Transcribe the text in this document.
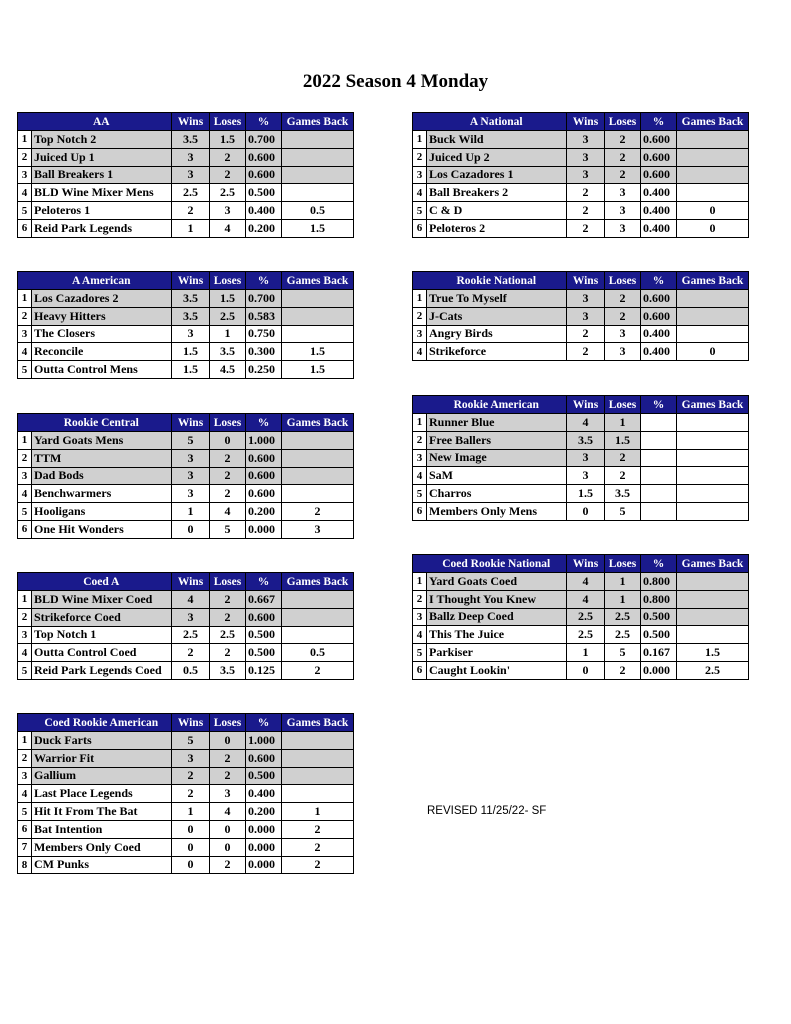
2022 Season 4 Monday
	AA	Wins	Loses	%	Games Back
1	Top Notch 2	3.5	1.5	0.700	
2	Juiced Up 1	3	2	0.600	
3	Ball Breakers 1	3	2	0.600	
4	BLD Wine Mixer Mens	2.5	2.5	0.500	
5	Peloteros 1	2	3	0.400	0.5
6	Reid Park Legends	1	4	0.200	1.5
	A National	Wins	Loses	%	Games Back
1	Buck Wild	3	2	0.600	
2	Juiced Up 2	3	2	0.600	
3	Los Cazadores 1	3	2	0.600	
4	Ball Breakers 2	2	3	0.400	
5	C & D	2	3	0.400	0
6	Peloteros 2	2	3	0.400	0
	A American	Wins	Loses	%	Games Back
1	Los Cazadores 2	3.5	1.5	0.700	
2	Heavy Hitters	3.5	2.5	0.583	
3	The Closers	3	1	0.750	
4	Reconcile	1.5	3.5	0.300	1.5
5	Outta Control Mens	1.5	4.5	0.250	1.5
	Rookie National	Wins	Loses	%	Games Back
1	True To Myself	3	2	0.600	
2	J-Cats	3	2	0.600	
3	Angry Birds	2	3	0.400	
4	Strikeforce	2	3	0.400	0
	Rookie American	Wins	Loses	%	Games Back
1	Runner Blue	4	1		
2	Free Ballers	3.5	1.5		
3	New Image	3	2		
4	SaM	3	2		
5	Charros	1.5	3.5		
6	Members Only Mens	0	5		
	Rookie Central	Wins	Loses	%	Games Back
1	Yard Goats Mens	5	0	1.000	
2	TTM	3	2	0.600	
3	Dad Bods	3	2	0.600	
4	Benchwarmers	3	2	0.600	
5	Hooligans	1	4	0.200	2
6	One Hit Wonders	0	5	0.000	3
	Coed Rookie National	Wins	Loses	%	Games Back
1	Yard Goats Coed	4	1	0.800	
2	I Thought You Knew	4	1	0.800	
3	Ballz Deep Coed	2.5	2.5	0.500	
4	This The Juice	2.5	2.5	0.500	
5	Parkiser	1	5	0.167	1.5
6	Caught Lookin'	0	2	0.000	2.5
	Coed A	Wins	Loses	%	Games Back
1	BLD Wine Mixer Coed	4	2	0.667	
2	Strikeforce Coed	3	2	0.600	
3	Top Notch 1	2.5	2.5	0.500	
4	Outta Control Coed	2	2	0.500	0.5
5	Reid Park Legends Coed	0.5	3.5	0.125	2
	Coed Rookie American	Wins	Loses	%	Games Back
1	Duck Farts	5	0	1.000	
2	Warrior Fit	3	2	0.600	
3	Gallium	2	2	0.500	
4	Last Place Legends	2	3	0.400	
5	Hit It From The Bat	1	4	0.200	1
6	Bat Intention	0	0	0.000	2
7	Members Only Coed	0	0	0.000	2
8	CM Punks	0	2	0.000	2
REVISED 11/25/22- SF
